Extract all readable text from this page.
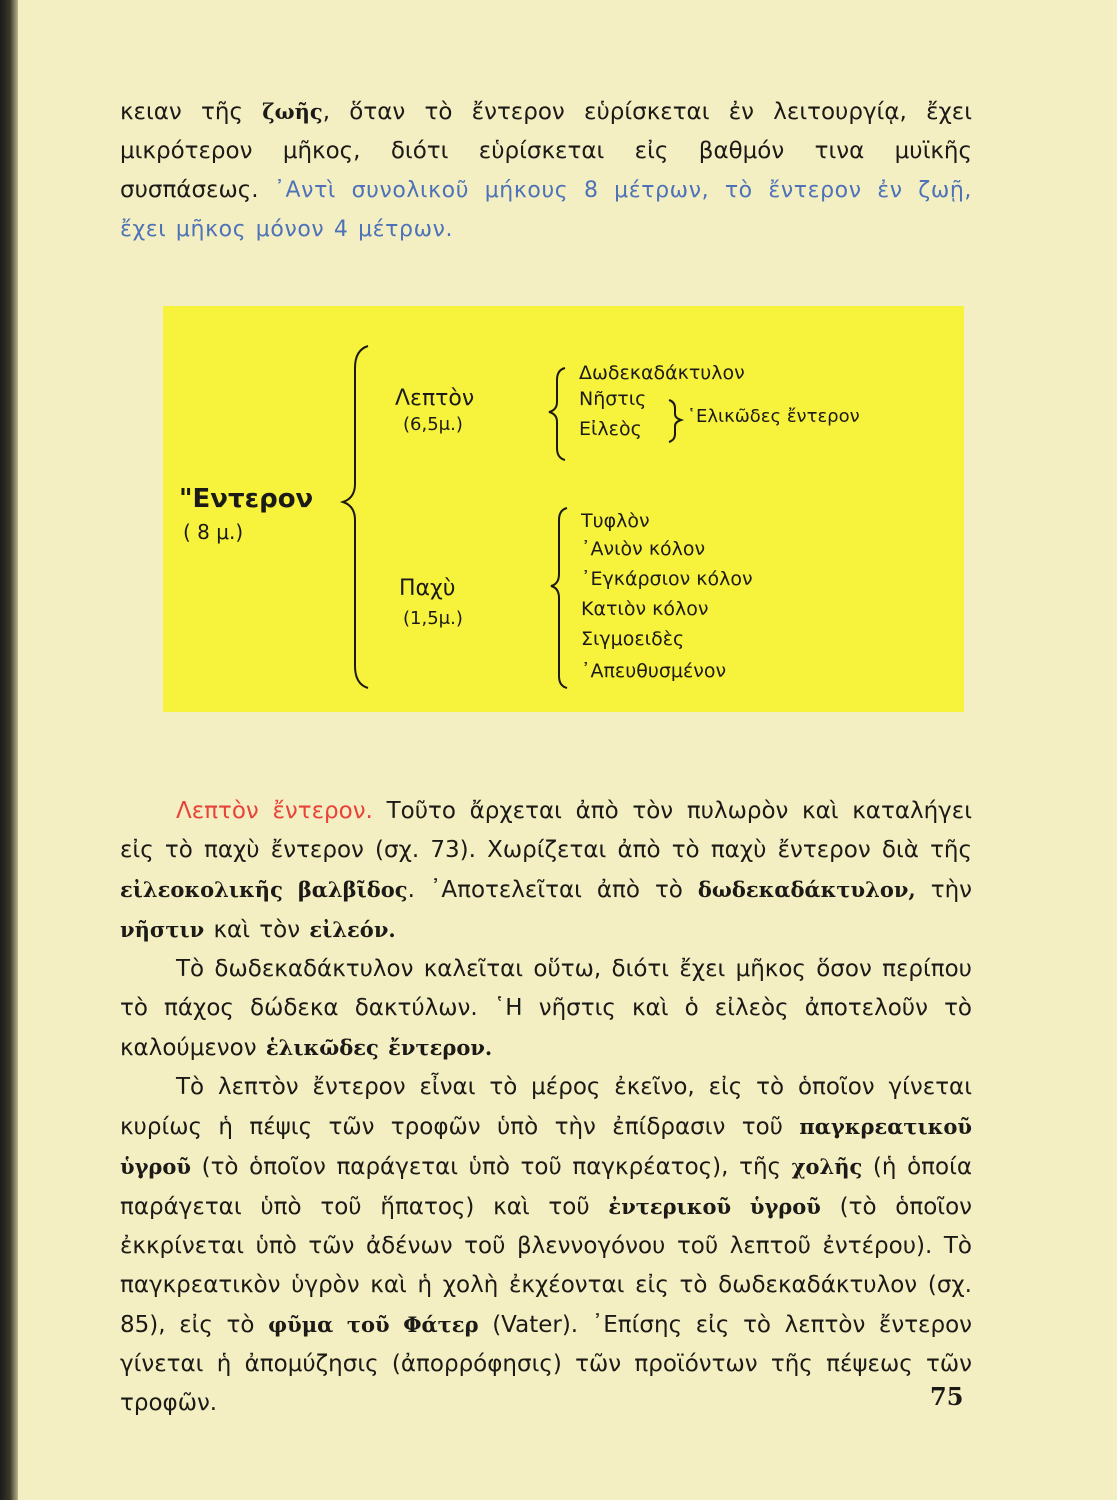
κειαν τῆς ζωῆς, ὅταν τὸ ἔντερον εὑρίσκεται ἐν λειτουργίᾳ, ἔχει μικρότερον μῆκος, διότι εὑρίσκεται εἰς βαθμόν τινα μυϊκῆς συσπάσεως. ᾿Αντὶ συνολικοῦ μήκους 8 μέτρων, τὸ ἔντερον ἐν ζωῇ, ἔχει μῆκος μόνον 4 μέτρων.

"Εντερον
( 8 μ.)
Λεπτὸν
(6,5μ.)
Δωδεκαδάκτυλον
Νῆστις
Εἰλεὸς
῾Ελικῶδες ἔντερον
Παχὺ
(1,5μ.)
Τυφλὸν
᾿Ανιὸν κόλον
᾿Εγκάρσιον κόλον
Κατιὸν κόλον
Σιγμοειδὲς
᾿Απευθυσμένον

Λεπτὸν ἔντερον. Τοῦτο ἄρχεται ἀπὸ τὸν πυλωρὸν καὶ καταλήγει εἰς τὸ παχὺ ἔντερον (σχ. 73). Χωρίζεται ἀπὸ τὸ παχὺ ἔντερον διὰ τῆς εἰλεοκολικῆς βαλβῖδος. ᾿Αποτελεῖται ἀπὸ τὸ δωδεκαδάκτυλον, τὴν νῆστιν καὶ τὸν εἰλεόν.

Τὸ δωδεκαδάκτυλον καλεῖται οὕτω, διότι ἔχει μῆκος ὅσον περίπου τὸ πάχος δώδεκα δακτύλων. ῾Η νῆστις καὶ ὁ εἰλεὸς ἀποτελοῦν τὸ καλούμενον ἑλικῶδες ἔντερον.

Τὸ λεπτὸν ἔντερον εἶναι τὸ μέρος ἐκεῖνο, εἰς τὸ ὁποῖον γίνεται κυρίως ἡ πέψις τῶν τροφῶν ὑπὸ τὴν ἐπίδρασιν τοῦ παγκρεατικοῦ ὑγροῦ (τὸ ὁποῖον παράγεται ὑπὸ τοῦ παγκρέατος), τῆς χολῆς (ἡ ὁποία παράγεται ὑπὸ τοῦ ἥπατος) καὶ τοῦ ἐντερικοῦ ὑγροῦ (τὸ ὁποῖον ἐκκρίνεται ὑπὸ τῶν ἀδένων τοῦ βλεννογόνου τοῦ λεπτοῦ ἐντέρου). Τὸ παγκρεατικὸν ὑγρὸν καὶ ἡ χολὴ ἐκχέονται εἰς τὸ δωδεκαδάκτυλον (σχ. 85), εἰς τὸ φῦμα τοῦ Φάτερ (Vater). ᾿Επίσης εἰς τὸ λεπτὸν ἔντερον γίνεται ἡ ἀπομύζησις (ἀπορρόφησις) τῶν προϊόντων τῆς πέψεως τῶν τροφῶν.	75
